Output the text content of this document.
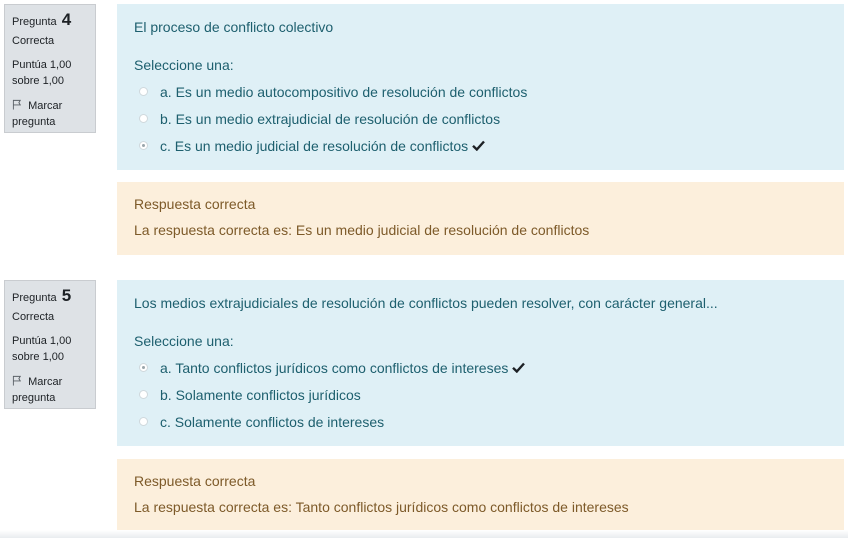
Pregunta 4
Correcta
Puntúa 1,00 sobre 1,00
Marcar pregunta
El proceso de conflicto colectivo
Seleccione una:
a. Es un medio autocompositivo de resolución de conflictos
b. Es un medio extrajudicial de resolución de conflictos
c. Es un medio judicial de resolución de conflictos
Respuesta correcta
La respuesta correcta es: Es un medio judicial de resolución de conflictos
Pregunta 5
Correcta
Puntúa 1,00 sobre 1,00
Marcar pregunta
Los medios extrajudiciales de resolución de conflictos pueden resolver, con carácter general...
Seleccione una:
a. Tanto conflictos jurídicos como conflictos de intereses
b. Solamente conflictos jurídicos
c. Solamente conflictos de intereses
Respuesta correcta
La respuesta correcta es: Tanto conflictos jurídicos como conflictos de intereses
